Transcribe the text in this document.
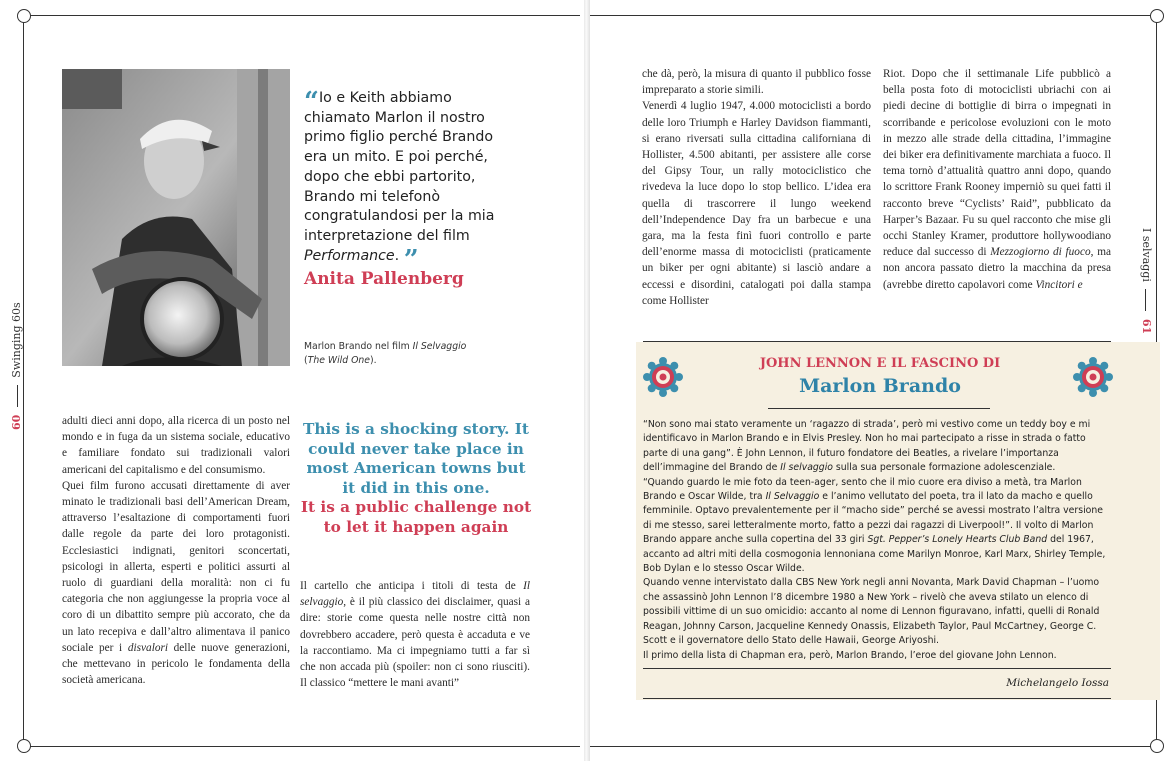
“Io e Keith abbiamo chiamato Marlon il nostro primo figlio perché Brando era un mito. E poi perché, dopo che ebbi partorito, Brando mi telefonò congratulandosi per la mia interpretazione del film Performance. ”
Anita Pallenberg
Marlon Brando nel film Il Selvaggio
(The Wild One).

adulti dieci anni dopo, alla ricerca di un posto nel mondo e in fuga da un sistema sociale, educativo e familiare fondato sui tradizionali valori americani del capitalismo e del consumismo.

Quei film furono accusati direttamente di aver minato le tradizionali basi dell’American Dream, attraverso l’esaltazione di comportamenti fuori dalle regole da parte dei loro protagonisti. Ecclesiastici indignati, genitori sconcertati, psicologi in allerta, esperti e politici assurti al ruolo di guardiani della moralità: non ci fu categoria che non aggiungesse la propria voce al coro di un dibattito sempre più accorato, che da un lato recepiva e dall’altro alimentava il panico sociale per i disvalori delle nuove generazioni, che mettevano in pericolo le fondamenta della società americana.

This is a shocking story. It could never take place in most American towns but it did in this one.
It is a public challenge not to let it happen again

Il cartello che anticipa i titoli di testa de Il selvaggio, è il più classico dei disclaimer, quasi a dire: storie come questa nelle nostre città non dovrebbero accadere, però questa è accaduta e ve la raccontiamo. Ma ci impegniamo tutti a far sì che non accada più (spoiler: non ci sono riusciti). Il classico “mettere le mani avanti”

60  Swinging 60s

che dà, però, la misura di quanto il pubblico fosse impreparato a storie simili.

Venerdì 4 luglio 1947, 4.000 motociclisti a bordo delle loro Triumph e Harley Davidson fiammanti, si erano riversati sulla cittadina californiana di Hollister, 4.500 abitanti, per assistere alle corse del Gipsy Tour, un rally motociclistico che rivedeva la luce dopo lo stop bellico. L’idea era quella di trascorrere il lungo weekend dell’Independence Day fra un barbecue e una gara, ma la festa finì fuori controllo e parte dell’enorme massa di motociclisti (praticamente un biker per ogni abitante) si lasciò andare a eccessi e disordini, catalogati poi dalla stampa come Hollister

Riot. Dopo che il settimanale Life pubblicò a bella posta foto di motociclisti ubriachi con ai piedi decine di bottiglie di birra o impegnati in scorribande e pericolose evoluzioni con le moto in mezzo alle strade della cittadina, l’immagine dei biker era definitivamente marchiata a fuoco. Il tema tornò d’attualità quattro anni dopo, quando lo scrittore Frank Rooney imperniò su quei fatti il racconto breve “Cyclists’ Raid”, pubblicato da Harper’s Bazaar. Fu su quel racconto che mise gli occhi Stanley Kramer, produttore hollywoodiano reduce dal successo di Mezzogiorno di fuoco, ma non ancora passato dietro la macchina da presa (avrebbe diretto capolavori come Vincitori e

I selvaggi  61
JOHN LENNON E IL FASCINO DI
Marlon Brando

“Non sono mai stato veramente un ‘ragazzo di strada’, però mi vestivo come un teddy boy e mi identificavo in Marlon Brando e in Elvis Presley. Non ho mai partecipato a risse in strada o fatto parte di una gang”. È John Lennon, il futuro fondatore dei Beatles, a rivelare l’importanza dell’immagine del Brando de Il selvaggio sulla sua personale formazione adolescenziale.

“Quando guardo le mie foto da teen-ager, sento che il mio cuore era diviso a metà, tra Marlon Brando e Oscar Wilde, tra Il Selvaggio e l’animo vellutato del poeta, tra il lato da macho e quello femminile. Optavo prevalentemente per il “macho side” perché se avessi mostrato l’altra versione di me stesso, sarei letteralmente morto, fatto a pezzi dai ragazzi di Liverpool!”. Il volto di Marlon Brando appare anche sulla copertina del 33 giri Sgt. Pepper’s Lonely Hearts Club Band del 1967, accanto ad altri miti della cosmogonia lennoniana come Marilyn Monroe, Karl Marx, Shirley Temple, Bob Dylan e lo stesso Oscar Wilde.

Quando venne intervistato dalla CBS New York negli anni Novanta, Mark David Chapman – l’uomo che assassinò John Lennon l’8 dicembre 1980 a New York – rivelò che aveva stilato un elenco di possibili vittime di un suo omicidio: accanto al nome di Lennon figuravano, infatti, quelli di Ronald Reagan, Johnny Carson, Jacqueline Kennedy Onassis, Elizabeth Taylor, Paul McCartney, George C. Scott e il governatore dello Stato delle Hawaii, George Ariyoshi.

Il primo della lista di Chapman era, però, Marlon Brando, l’eroe del giovane John Lennon.

Michelangelo Iossa
